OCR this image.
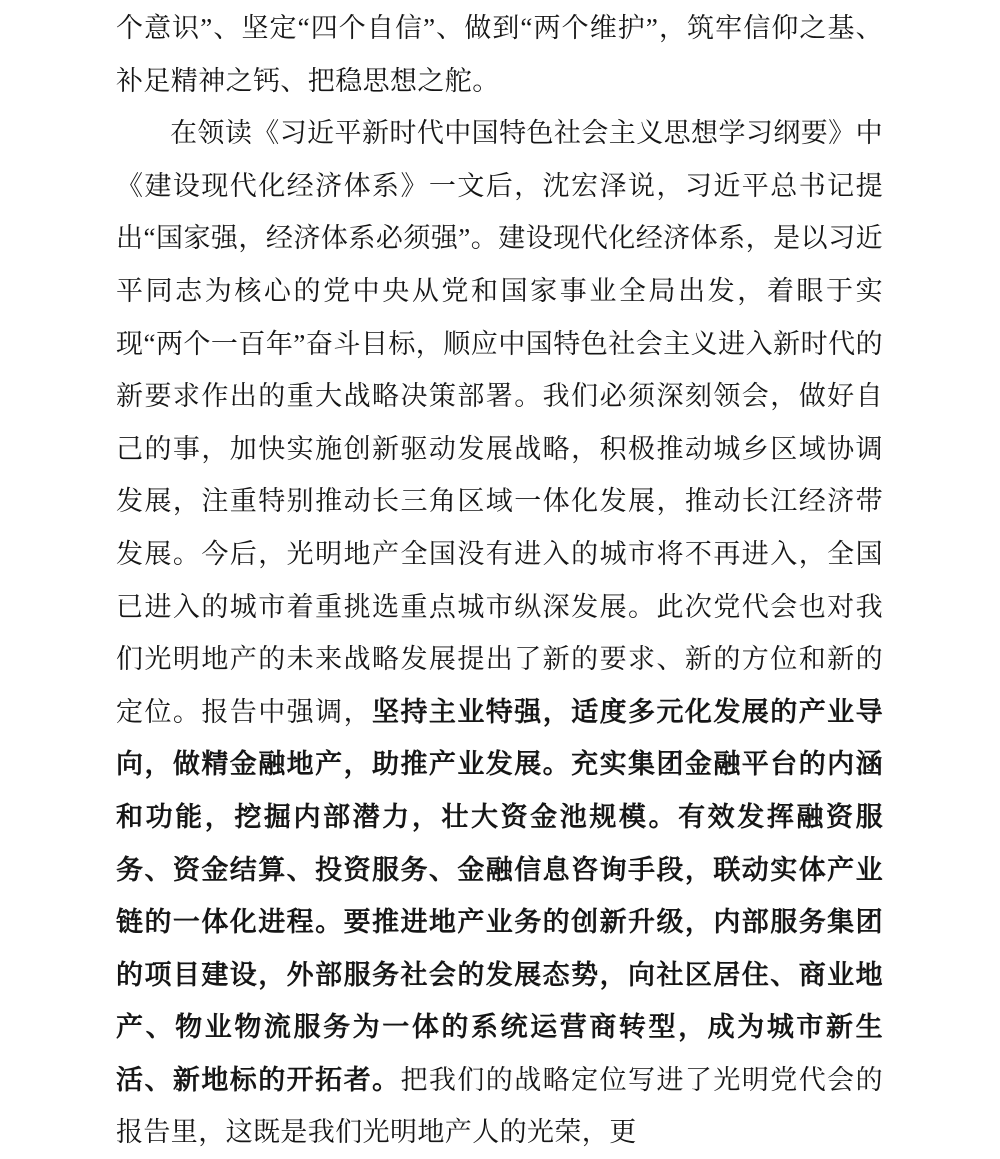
个意识”、坚定“四个自信”、做到“两个维护”，筑牢信仰之基、补足精神之钙、把稳思想之舵。

在领读《习近平新时代中国特色社会主义思想学习纲要》中《建设现代化经济体系》一文后，沈宏泽说，习近平总书记提出“国家强，经济体系必须强”。建设现代化经济体系，是以习近平同志为核心的党中央从党和国家事业全局出发，着眼于实现“两个一百年”奋斗目标，顺应中国特色社会主义进入新时代的新要求作出的重大战略决策部署。我们必须深刻领会，做好自己的事，加快实施创新驱动发展战略，积极推动城乡区域协调发展，注重特别推动长三角区域一体化发展，推动长江经济带发展。今后，光明地产全国没有进入的城市将不再进入，全国已进入的城市着重挑选重点城市纵深发展。此次党代会也对我们光明地产的未来战略发展提出了新的要求、新的方位和新的定位。报告中强调，坚持主业特强，适度多元化发展的产业导向，做精金融地产，助推产业发展。充实集团金融平台的内涵和功能，挖掘内部潜力，壮大资金池规模。有效发挥融资服务、资金结算、投资服务、金融信息咨询手段，联动实体产业链的一体化进程。要推进地产业务的创新升级，内部服务集团的项目建设，外部服务社会的发展态势，向社区居住、商业地产、物业物流服务为一体的系统运营商转型，成为城市新生活、新地标的开拓者。把我们的战略定位写进了光明党代会的报告里，这既是我们光明地产人的光荣，更
